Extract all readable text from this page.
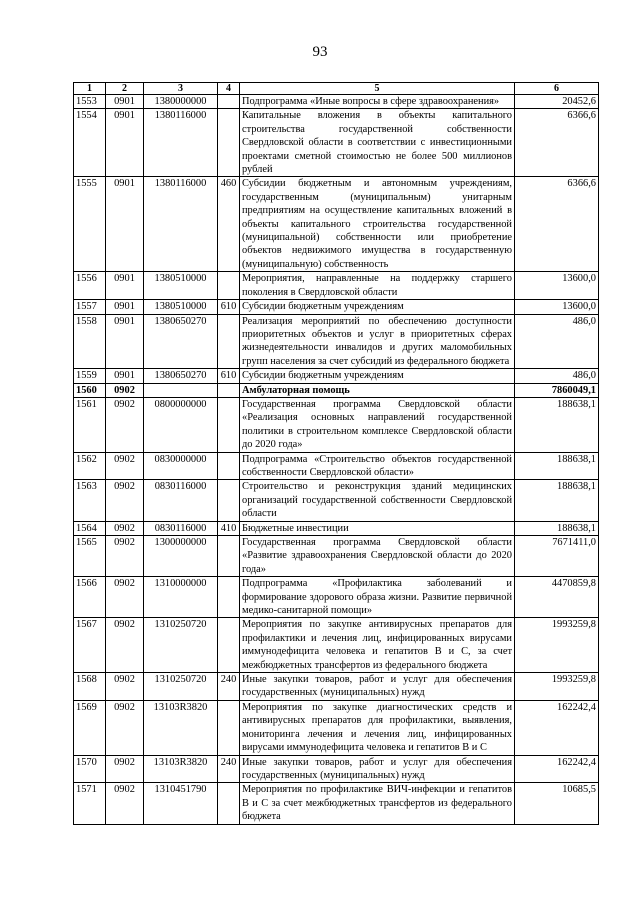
93
1	2	3	4	5	6
1553	0901	1380000000		Подпрограмма «Иные вопросы в сфере здравоохранения»	20452,6
1554	0901	1380116000		Капитальные вложения в объекты капитального строительства государственной собственности Свердловской области в соответствии с инвестиционными проектами сметной стоимостью не более 500 миллионов рублей	6366,6
1555	0901	1380116000	460	Субсидии бюджетным и автономным учреждениям, государственным (муниципальным) унитарным предприятиям на осуществление капитальных вложений в объекты капитального строительства государственной (муниципальной) собственности или приобретение объектов недвижимого имущества в государственную (муниципальную) собственность	6366,6
1556	0901	1380510000		Мероприятия, направленные на поддержку старшего поколения в Свердловской области	13600,0
1557	0901	1380510000	610	Субсидии бюджетным учреждениям	13600,0
1558	0901	1380650270		Реализация мероприятий по обеспечению доступности приоритетных объектов и услуг в приоритетных сферах жизнедеятельности инвалидов и других маломобильных групп населения за счет субсидий из федерального бюджета	486,0
1559	0901	1380650270	610	Субсидии бюджетным учреждениям	486,0
1560	0902			Амбулаторная помощь	7860049,1
1561	0902	0800000000		Государственная программа Свердловской области «Реализация основных направлений государственной политики в строительном комплексе Свердловской области до 2020 года»	188638,1
1562	0902	0830000000		Подпрограмма «Строительство объектов государственной собственности Свердловской области»	188638,1
1563	0902	0830116000		Строительство и реконструкция зданий медицинских организаций государственной собственности Свердловской области	188638,1
1564	0902	0830116000	410	Бюджетные инвестиции	188638,1
1565	0902	1300000000		Государственная программа Свердловской области «Развитие здравоохранения Свердловской области до 2020 года»	7671411,0
1566	0902	1310000000		Подпрограмма «Профилактика заболеваний и формирование здорового образа жизни. Развитие первичной медико-санитарной помощи»	4470859,8
1567	0902	1310250720		Мероприятия по закупке антивирусных препаратов для профилактики и лечения лиц, инфицированных вирусами иммунодефицита человека и гепатитов В и С, за счет межбюджетных трансфертов из федерального бюджета	1993259,8
1568	0902	1310250720	240	Иные закупки товаров, работ и услуг для обеспечения государственных (муниципальных) нужд	1993259,8
1569	0902	13103R3820		Мероприятия по закупке диагностических средств и антивирусных препаратов для профилактики, выявления, мониторинга лечения и лечения лиц, инфицированных вирусами иммунодефицита человека и гепатитов В и С	162242,4
1570	0902	13103R3820	240	Иные закупки товаров, работ и услуг для обеспечения государственных (муниципальных) нужд	162242,4
1571	0902	1310451790		Мероприятия по профилактике ВИЧ-инфекции и гепатитов В и С за счет межбюджетных трансфертов из федерального бюджета	10685,5
